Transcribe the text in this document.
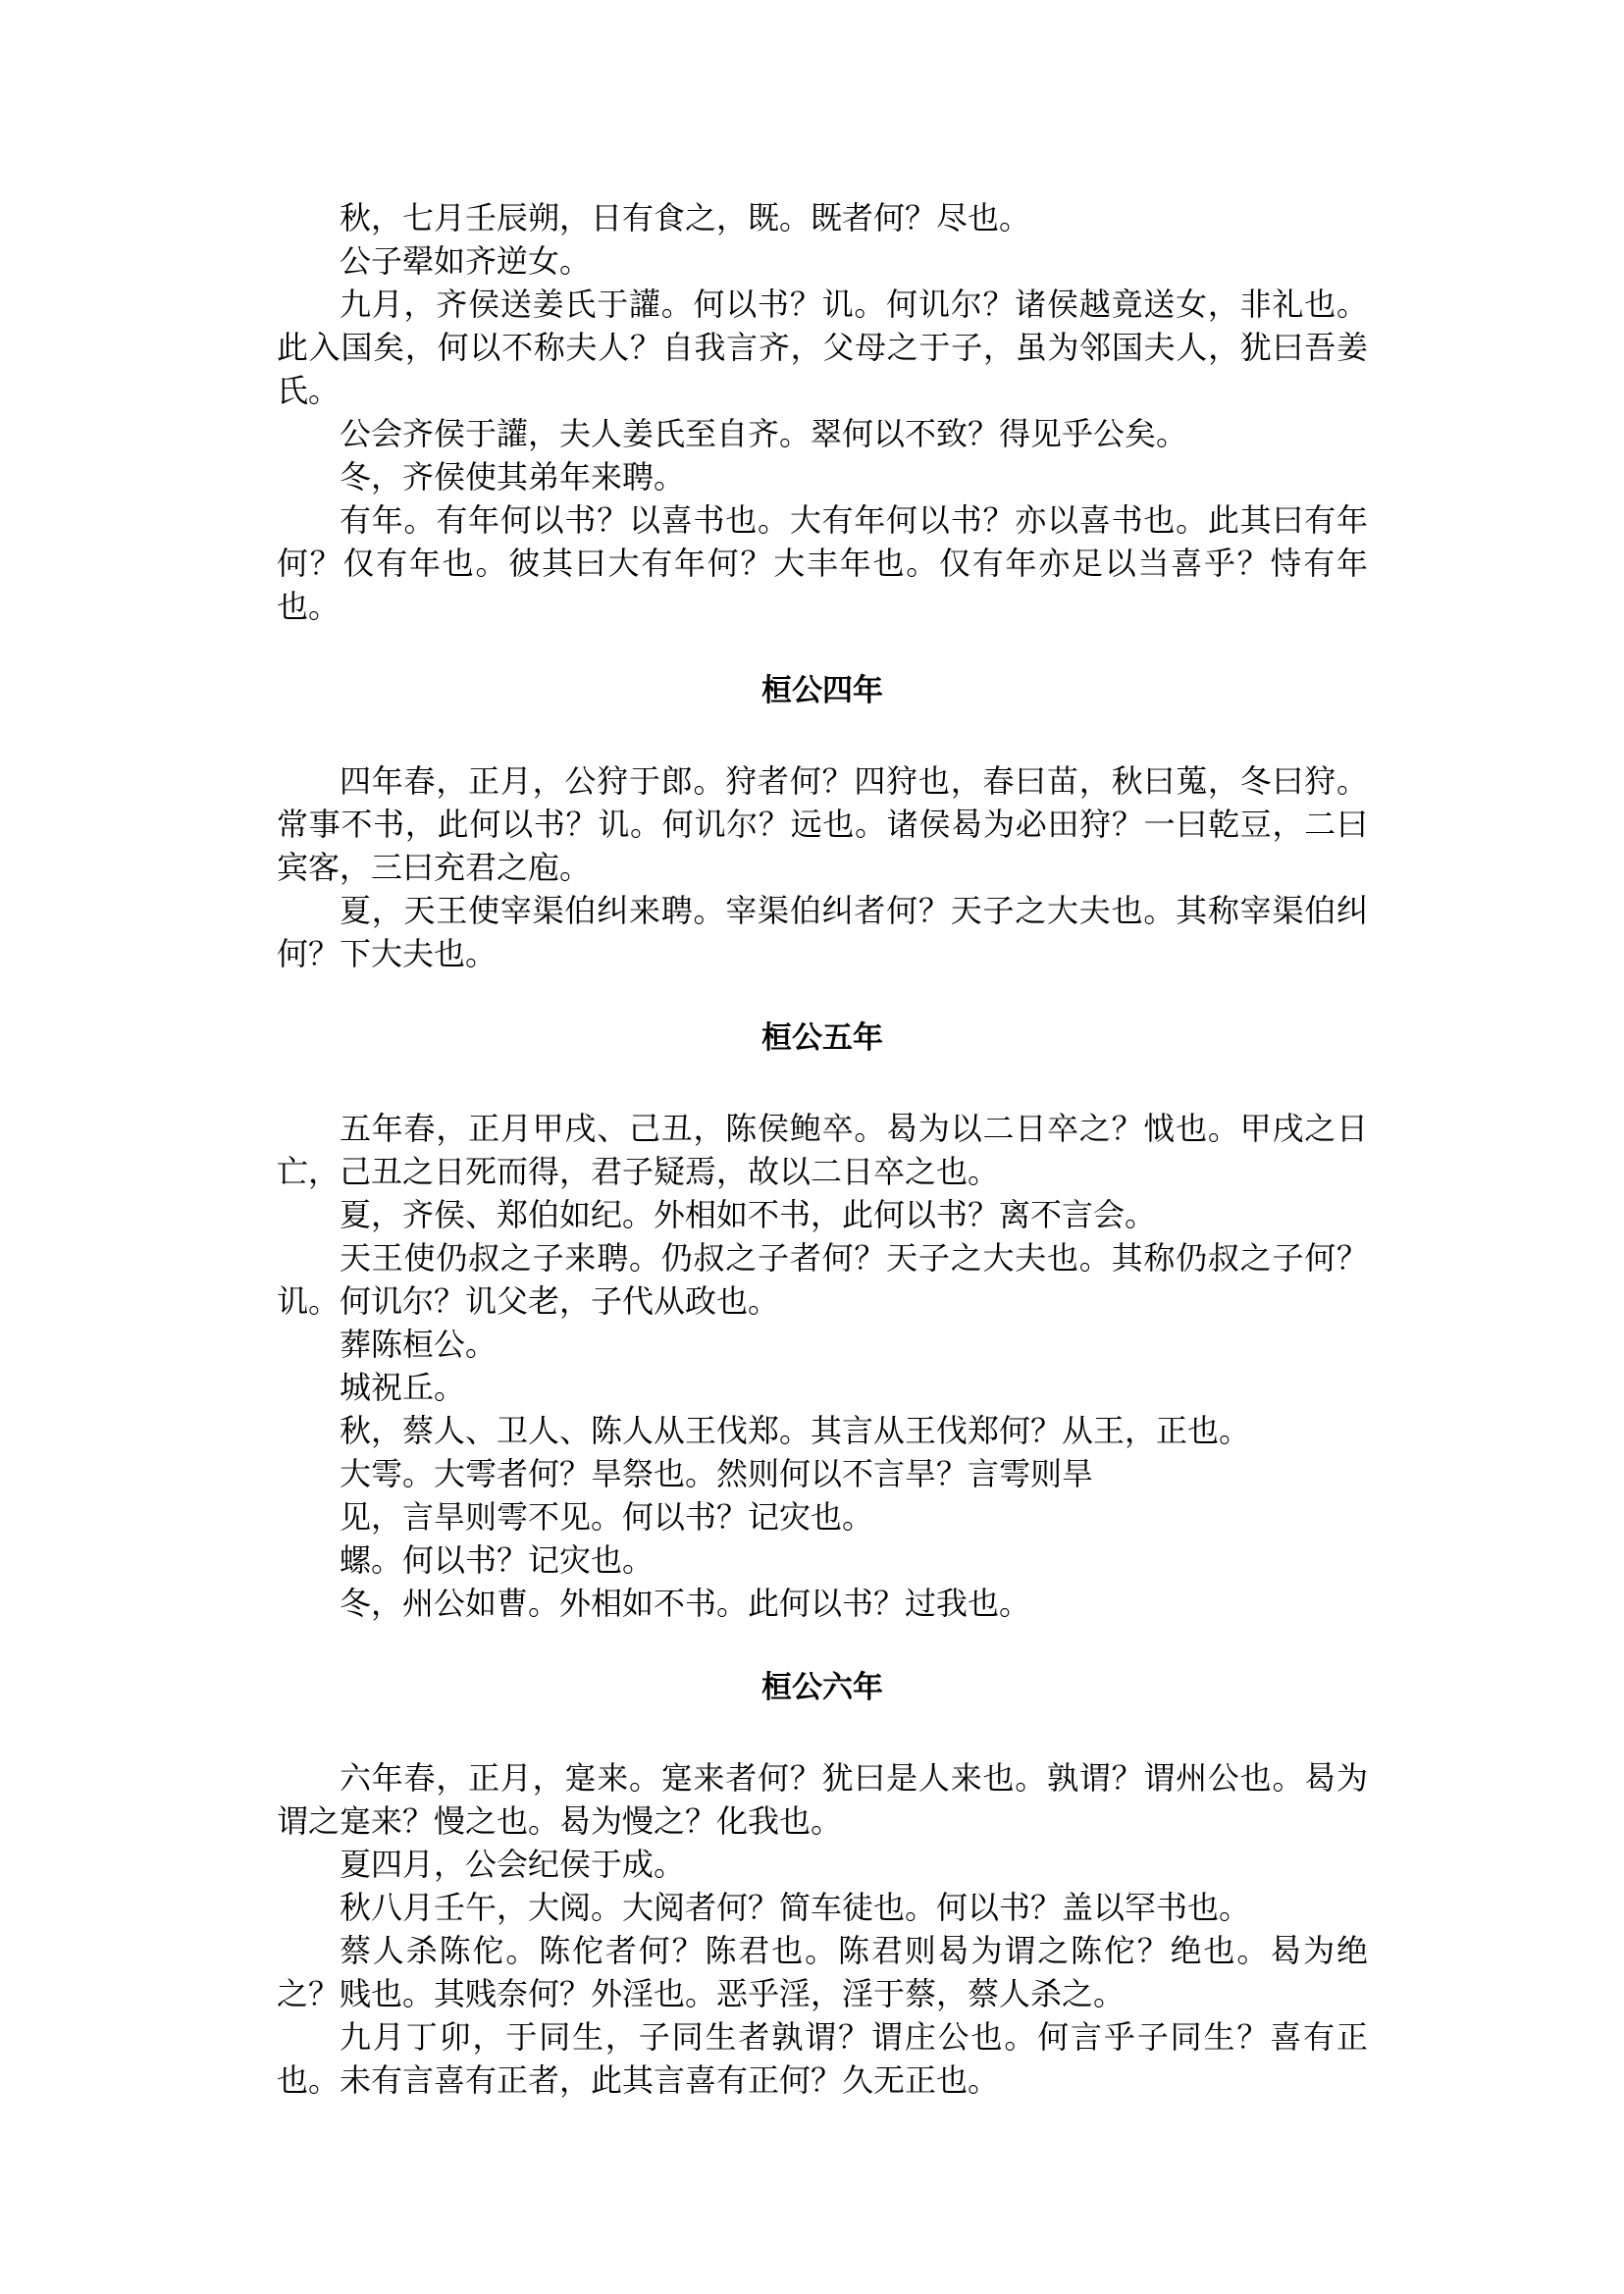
秋，七月壬辰朔，日有食之，既。既者何？尽也。

公子翚如齐逆女。

九月，齐侯送姜氏于讙。何以书？讥。何讥尔？诸侯越竟送女，非礼也。此入国矣，何以不称夫人？自我言齐，父母之于子，虽为邻国夫人，犹曰吾姜氏。

公会齐侯于讙，夫人姜氏至自齐。翠何以不致？得见乎公矣。

冬，齐侯使其弟年来聘。

有年。有年何以书？以喜书也。大有年何以书？亦以喜书也。此其曰有年何？仅有年也。彼其曰大有年何？大丰年也。仅有年亦足以当喜乎？恃有年也。

桓公四年

四年春，正月，公狩于郎。狩者何？四狩也，春曰苗，秋曰蒐，冬曰狩。常事不书，此何以书？讥。何讥尔？远也。诸侯曷为必田狩？一曰乾豆，二曰宾客，三曰充君之庖。

夏，天王使宰渠伯纠来聘。宰渠伯纠者何？天子之大夫也。其称宰渠伯纠何？下大夫也。

桓公五年

五年春，正月甲戌、己丑，陈侯鲍卒。曷为以二日卒之？怴也。甲戌之日亡，己丑之日死而得，君子疑焉，故以二日卒之也。

夏，齐侯、郑伯如纪。外相如不书，此何以书？离不言会。

天王使仍叔之子来聘。仍叔之子者何？天子之大夫也。其称仍叔之子何？讥。何讥尔？讥父老，子代从政也。

葬陈桓公。

城祝丘。

秋，蔡人、卫人、陈人从王伐郑。其言从王伐郑何？从王，正也。

大雩。大雩者何？旱祭也。然则何以不言旱？言雩则旱

见，言旱则雩不见。何以书？记灾也。

螺。何以书？记灾也。

冬，州公如曹。外相如不书。此何以书？过我也。

桓公六年

六年春，正月，寔来。寔来者何？犹曰是人来也。孰谓？谓州公也。曷为谓之寔来？慢之也。曷为慢之？化我也。

夏四月，公会纪侯于成。

秋八月壬午，大阅。大阅者何？简车徒也。何以书？盖以罕书也。

蔡人杀陈佗。陈佗者何？陈君也。陈君则曷为谓之陈佗？绝也。曷为绝之？贱也。其贱奈何？外淫也。恶乎淫，淫于蔡，蔡人杀之。

九月丁卯，于同生，子同生者孰谓？谓庄公也。何言乎子同生？喜有正也。未有言喜有正者，此其言喜有正何？久无正也。
